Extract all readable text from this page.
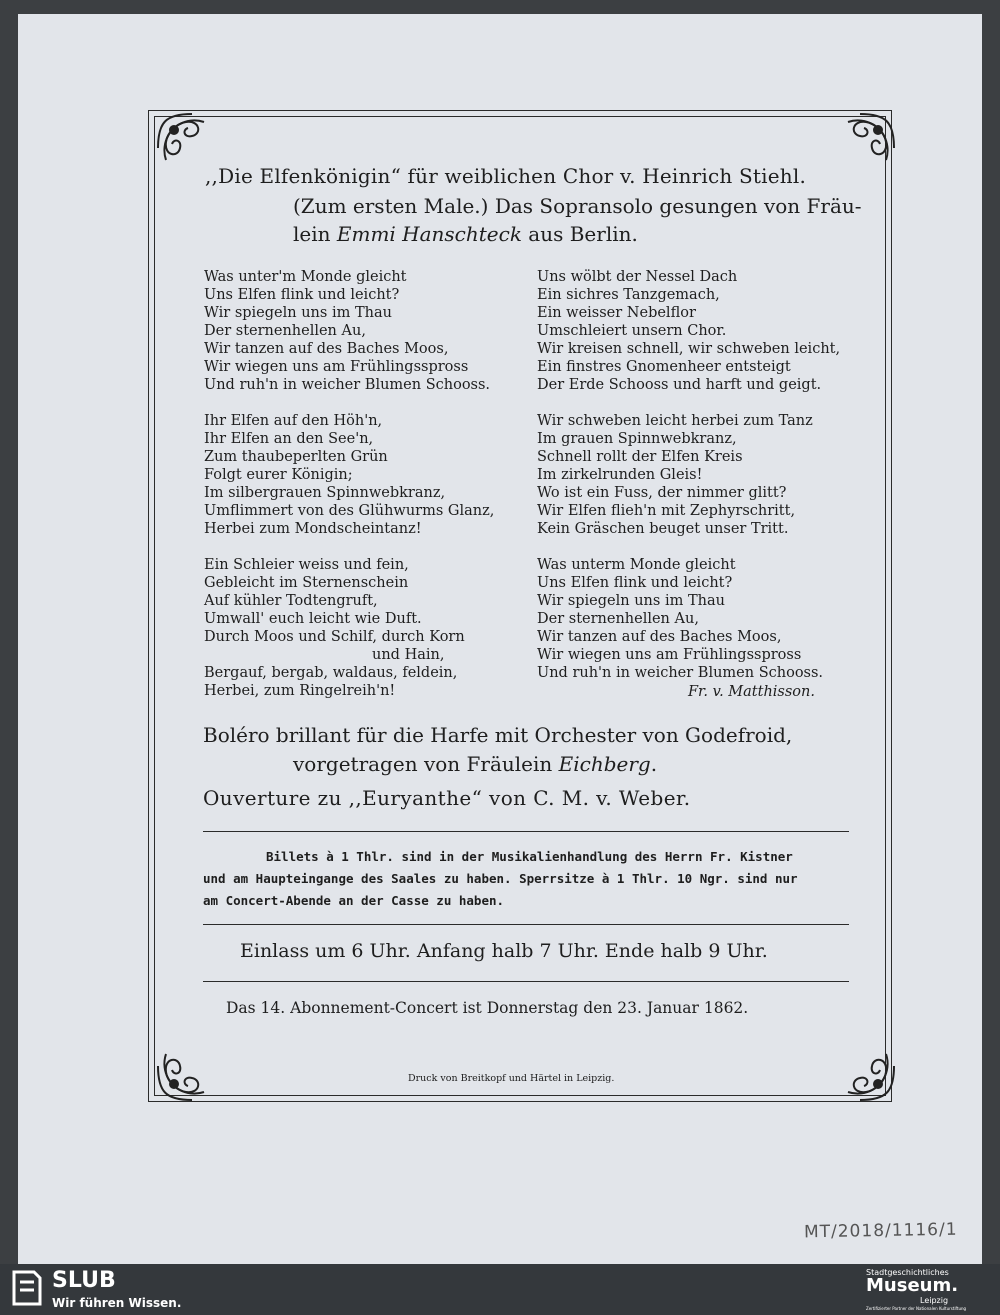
,,Die Elfenkönigin“ für weiblichen Chor v. Heinrich Stiehl.
(Zum ersten Male.) Das Sopransolo gesungen von Fräu-
lein Emmi Hanschteck aus Berlin.
Was unter'm Monde gleicht
Uns Elfen flink und leicht?
Wir spiegeln uns im Thau
Der sternenhellen Au,
Wir tanzen auf des Baches Moos,
Wir wiegen uns am Frühlingsspross
Und ruh'n in weicher Blumen Schooss.
Ihr Elfen auf den Höh'n,
Ihr Elfen an den See'n,
Zum thaubeperlten Grün
Folgt eurer Königin;
Im silbergrauen Spinnwebkranz,
Umflimmert von des Glühwurms Glanz,
Herbei zum Mondscheintanz!
Ein Schleier weiss und fein,
Gebleicht im Sternenschein
Auf kühler Todtengruft,
Umwall' euch leicht wie Duft.
Durch Moos und Schilf, durch Korn
und Hain,
Bergauf, bergab, waldaus, feldein,
Herbei, zum Ringelreih'n!
Uns wölbt der Nessel Dach
Ein sichres Tanzgemach,
Ein weisser Nebelflor
Umschleiert unsern Chor.
Wir kreisen schnell, wir schweben leicht,
Ein finstres Gnomenheer entsteigt
Der Erde Schooss und harft und geigt.
Wir schweben leicht herbei zum Tanz
Im grauen Spinnwebkranz,
Schnell rollt der Elfen Kreis
Im zirkelrunden Gleis!
Wo ist ein Fuss, der nimmer glitt?
Wir Elfen flieh'n mit Zephyrschritt,
Kein Gräschen beuget unser Tritt.
Was unterm Monde gleicht
Uns Elfen flink und leicht?
Wir spiegeln uns im Thau
Der sternenhellen Au,
Wir tanzen auf des Baches Moos,
Wir wiegen uns am Frühlingsspross
Und ruh'n in weicher Blumen Schooss.
Fr. v. Matthisson.
Boléro brillant für die Harfe mit Orchester von Godefroid,
vorgetragen von Fräulein Eichberg.
Ouverture zu ,,Euryanthe“ von C. M. v. Weber.
Billets à 1 Thlr. sind in der Musikalienhandlung des Herrn Fr. Kistner
und am Haupteingange des Saales zu haben. Sperrsitze à 1 Thlr. 10 Ngr. sind nur
am Concert-Abende an der Casse zu haben.
Einlass um 6 Uhr. Anfang halb 7 Uhr. Ende halb 9 Uhr.
Das 14. Abonnement-Concert ist Donnerstag den 23. Januar 1862.
Druck von Breitkopf und Härtel in Leipzig.
MT/2018/1116/1
SLUB
Wir führen Wissen.
Stadtgeschichtliches
Museum.
Leipzig
Zertifizierter Partner der Nationalen Kulturstiftung
